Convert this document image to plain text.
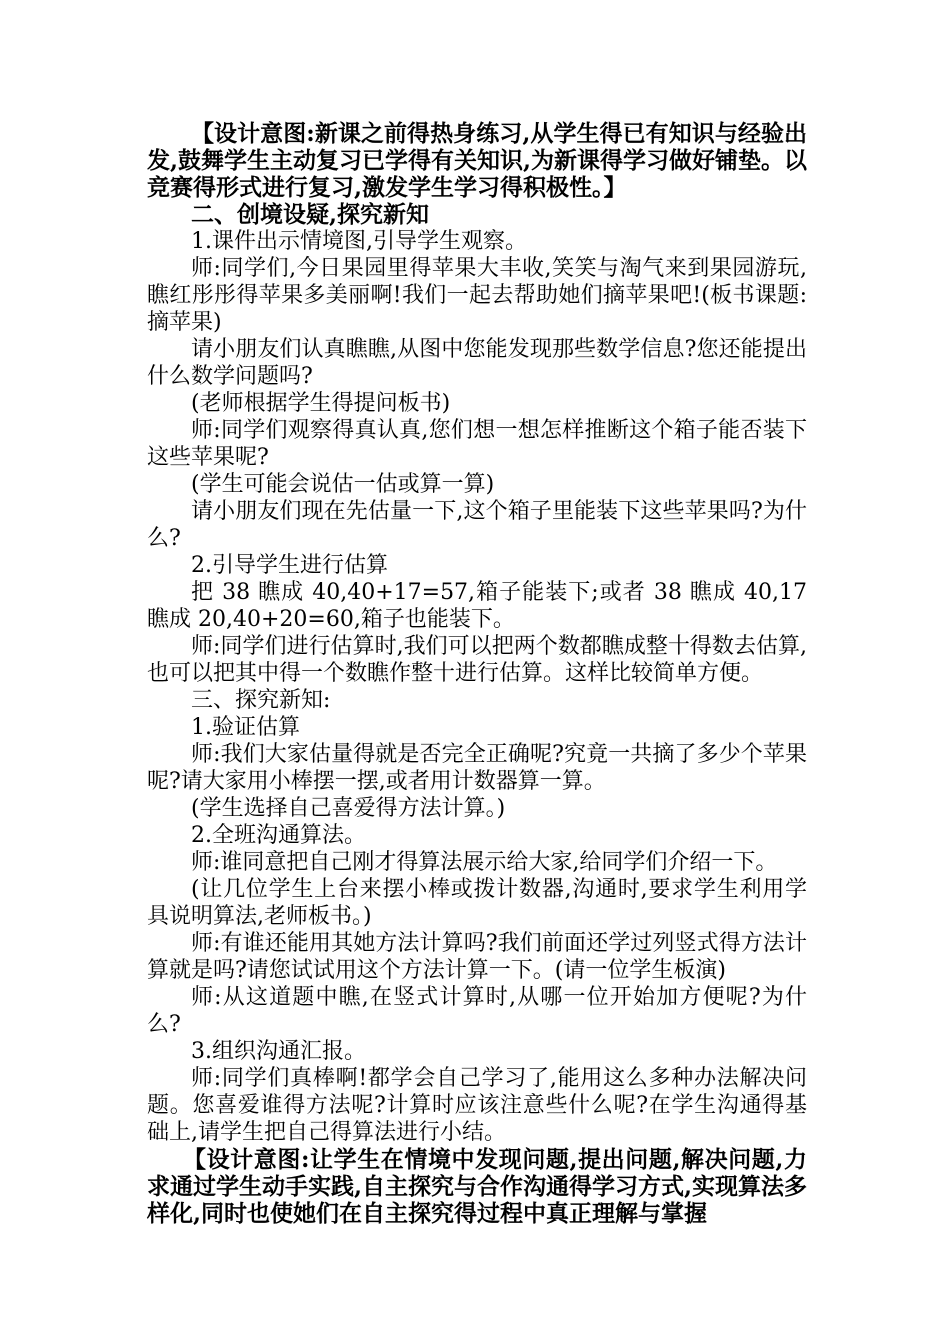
【设计意图:新课之前得热身练习,从学生得已有知识与经验出发,鼓舞学生主动复习已学得有关知识,为新课得学习做好铺垫。以竞赛得形式进行复习,激发学生学习得积极性。】

二、创境设疑,探究新知

1.课件出示情境图,引导学生观察。

师:同学们,今日果园里得苹果大丰收,笑笑与淘气来到果园游玩,瞧红彤彤得苹果多美丽啊!我们一起去帮助她们摘苹果吧!(板书课题:摘苹果)

请小朋友们认真瞧瞧,从图中您能发现那些数学信息?您还能提出什么数学问题吗?

(老师根据学生得提问板书)

师:同学们观察得真认真,您们想一想怎样推断这个箱子能否装下这些苹果呢?

(学生可能会说估一估或算一算)

请小朋友们现在先估量一下,这个箱子里能装下这些苹果吗?为什么?

2.引导学生进行估算

把 38 瞧成 40,40+17=57,箱子能装下;或者 38 瞧成 40,17 瞧成 20,40+20=60,箱子也能装下。

师:同学们进行估算时,我们可以把两个数都瞧成整十得数去估算,也可以把其中得一个数瞧作整十进行估算。这样比较简单方便。

三、探究新知:

1.验证估算

师:我们大家估量得就是否完全正确呢?究竟一共摘了多少个苹果呢?请大家用小棒摆一摆,或者用计数器算一算。

(学生选择自己喜爱得方法计算。)

2.全班沟通算法。

师:谁同意把自己刚才得算法展示给大家,给同学们介绍一下。

(让几位学生上台来摆小棒或拨计数器,沟通时,要求学生利用学具说明算法,老师板书。)

师:有谁还能用其她方法计算吗?我们前面还学过列竖式得方法计算就是吗?请您试试用这个方法计算一下。(请一位学生板演)

师:从这道题中瞧,在竖式计算时,从哪一位开始加方便呢?为什么?

3.组织沟通汇报。

师:同学们真棒啊!都学会自己学习了,能用这么多种办法解决问题。您喜爱谁得方法呢?计算时应该注意些什么呢?在学生沟通得基础上,请学生把自己得算法进行小结。

【设计意图:让学生在情境中发现问题,提出问题,解决问题,力求通过学生动手实践,自主探究与合作沟通得学习方式,实现算法多样化,同时也使她们在自主探究得过程中真正理解与掌握
